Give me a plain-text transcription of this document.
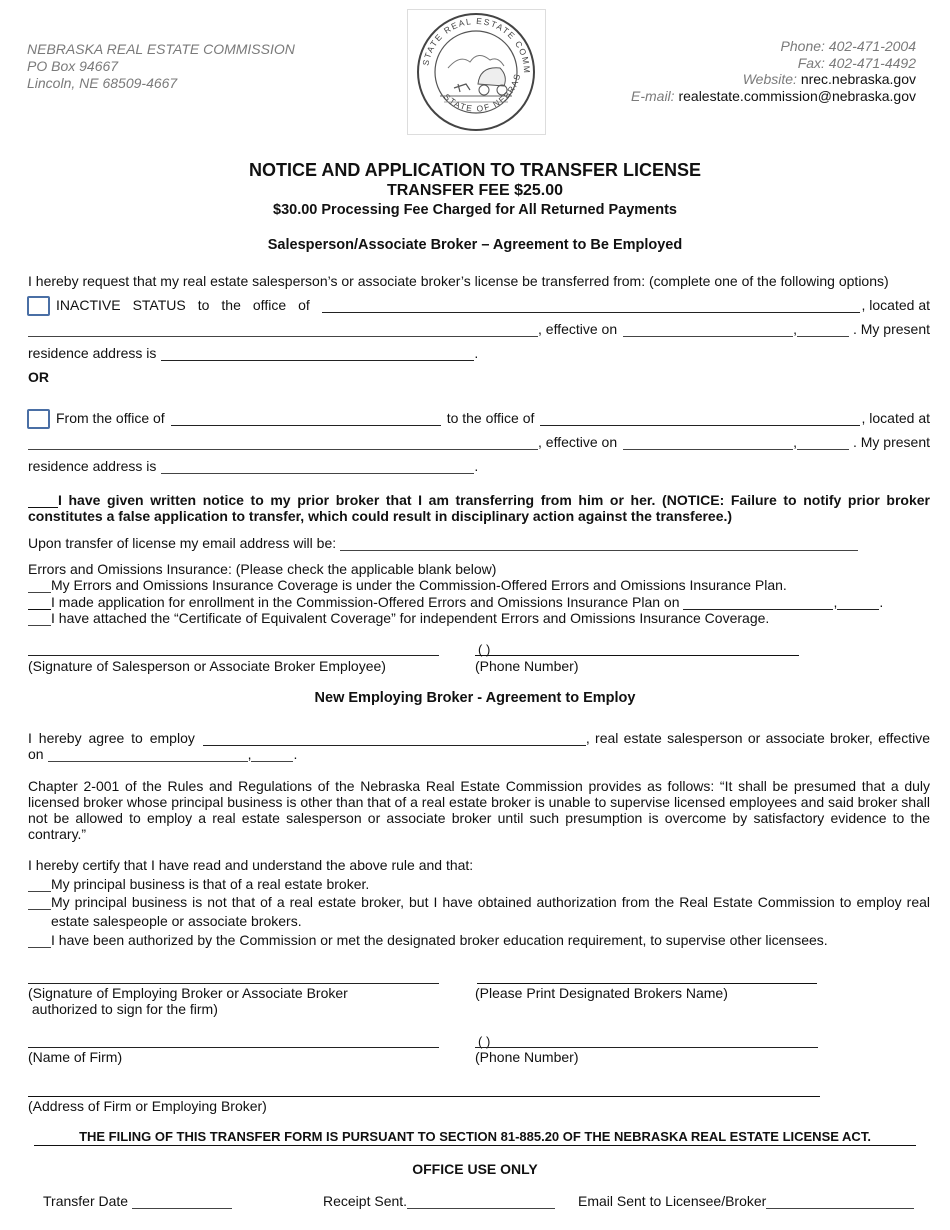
NEBRASKA REAL ESTATE COMMISSION
PO Box 94667
Lincoln, NE 68509-4667
STATE REAL ESTATE COMM
STATE OF NEBRAS
Phone: 402-471-2004
Fax: 402-471-4492
Website: nrec.nebraska.gov
E-mail: realestate.commission@nebraska.gov
NOTICE AND APPLICATION TO TRANSFER LICENSE
TRANSFER FEE $25.00
$30.00 Processing Fee Charged for All Returned Payments
Salesperson/Associate Broker – Agreement to Be Employed
I hereby request that my real estate salesperson’s or associate broker’s license be transferred from: (complete one of the following options)
INACTIVE STATUS to the office of	, located at
, effective on	,	. My present
residence address is	.
OR
From the office of	to the office of	, located at
, effective on	,	. My present
residence address is	.
I have given written notice to my prior broker that I am transferring from him or her. (NOTICE: Failure to notify prior broker
constitutes a false application to transfer, which could result in disciplinary action against the transferee.)
Upon transfer of license my email address will be:
Errors and Omissions Insurance: (Please check the applicable blank below)
My Errors and Omissions Insurance Coverage is under the Commission-Offered Errors and Omissions Insurance Plan.
I made application for enrollment in the Commission-Offered Errors and Omissions Insurance Plan on	,	.
I have attached the “Certificate of Equivalent Coverage” for independent Errors and Omissions Insurance Coverage.
(Signature of Salesperson or Associate Broker Employee)
( )
(Phone Number)
New Employing Broker - Agreement to Employ
I hereby agree to employ	, real estate salesperson or associate broker, effective
on	,	.
Chapter 2-001 of the Rules and Regulations of the Nebraska Real Estate Commission provides as follows: “It shall be presumed that a duly licensed broker whose principal business is other than that of a real estate broker is unable to supervise licensed employees and said broker shall not be allowed to employ a real estate salesperson or associate broker until such presumption is overcome by satisfactory evidence to the contrary.”
I hereby certify that I have read and understand the above rule and that:
My principal business is that of a real estate broker.
My principal business is not that of a real estate broker, but I have obtained authorization from the Real Estate Commission to employ real
estate salespeople or associate brokers.
I have been authorized by the Commission or met the designated broker education requirement, to supervise other licensees.
(Signature of Employing Broker or Associate Broker
authorized to sign for the firm)
(Please Print Designated Brokers Name)
(Name of Firm)
( )
(Phone Number)
(Address of Firm or Employing Broker)
THE FILING OF THIS TRANSFER FORM IS PURSUANT TO SECTION 81-885.20 OF THE NEBRASKA REAL ESTATE LICENSE ACT.
OFFICE USE ONLY
Transfer Date	Receipt Sent.	Email Sent to Licensee/Broker
